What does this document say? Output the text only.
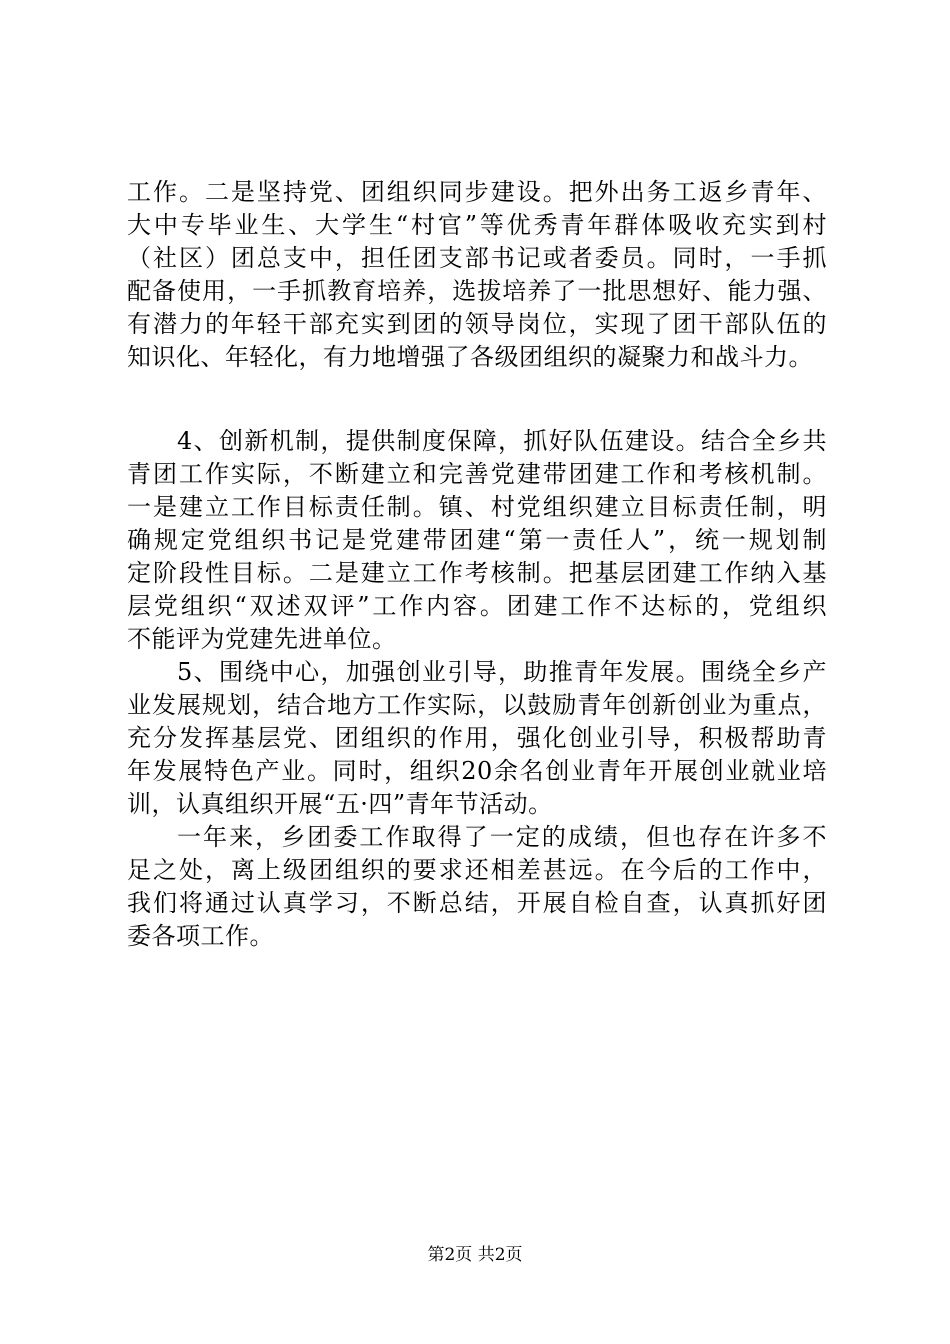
工作。二是坚持党、团组织同步建设。把外出务工返乡青年、
大中专毕业生、大学生“村官”等优秀青年群体吸收充实到村
（社区）团总支中，担任团支部书记或者委员。同时，一手抓
配备使用，一手抓教育培养，选拔培养了一批思想好、能力强、
有潜力的年轻干部充实到团的领导岗位，实现了团干部队伍的
知识化、年轻化，有力地增强了各级团组织的凝聚力和战斗力。
4、创新机制，提供制度保障，抓好队伍建设。结合全乡共
青团工作实际，不断建立和完善党建带团建工作和考核机制。
一是建立工作目标责任制。镇、村党组织建立目标责任制，明
确规定党组织书记是党建带团建“第一责任人”，统一规划制
定阶段性目标。二是建立工作考核制。把基层团建工作纳入基
层党组织“双述双评”工作内容。团建工作不达标的，党组织
不能评为党建先进单位。
5、围绕中心，加强创业引导，助推青年发展。围绕全乡产
业发展规划，结合地方工作实际，以鼓励青年创新创业为重点，
充分发挥基层党、团组织的作用，强化创业引导，积极帮助青
年发展特色产业。同时，组织20余名创业青年开展创业就业培
训，认真组织开展“五·四”青年节活动。
一年来，乡团委工作取得了一定的成绩，但也存在许多不
足之处，离上级团组织的要求还相差甚远。在今后的工作中，
我们将通过认真学习，不断总结，开展自检自查，认真抓好团
委各项工作。
第2页 共2页
